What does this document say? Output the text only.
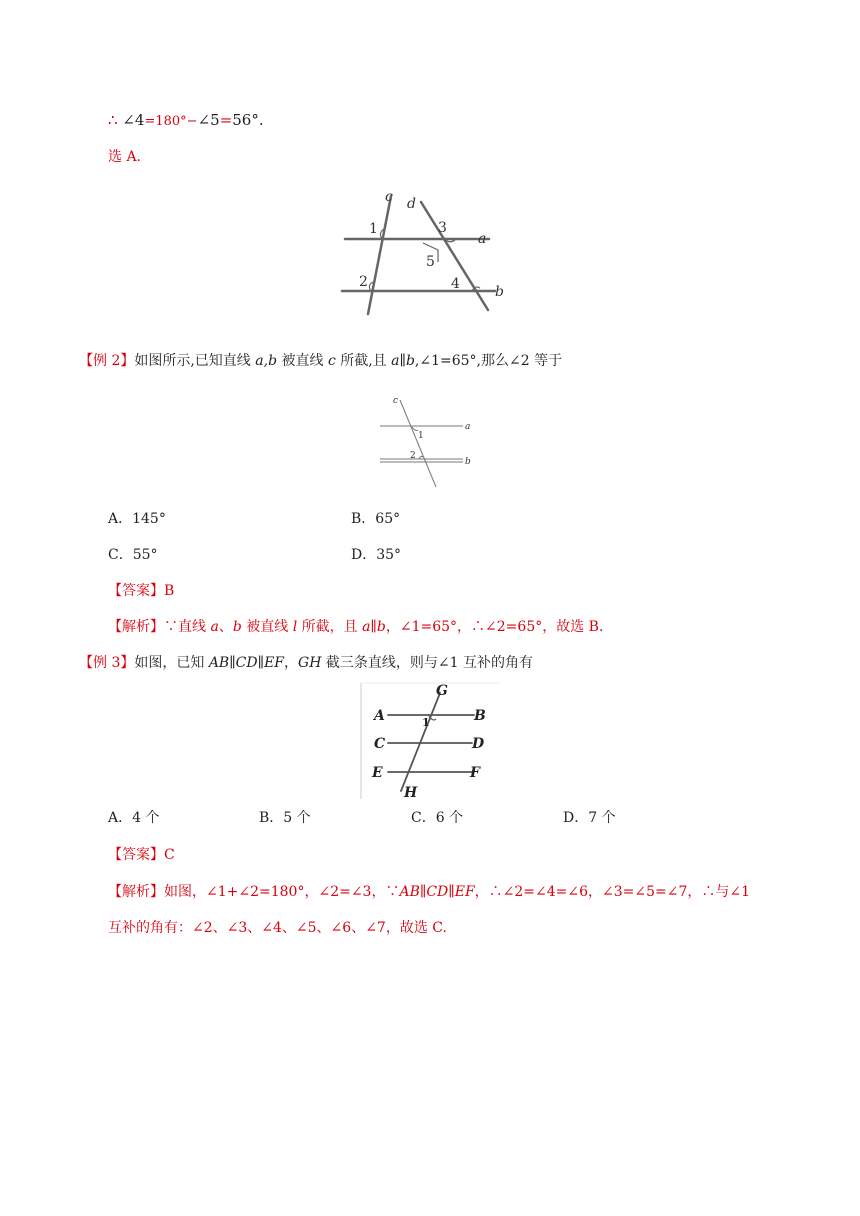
∴ ∠4=180°−∠5=56°.
选 A.
c d
a
b
1
2
3
4
5
【例 2】如图所示,已知直线 a,b 被直线 c 所截,且 a∥b,∠1=65°,那么∠2 等于
c
a
b
1
2
A．145°	B．65°
C．55°	D．35°
【答案】B
【解析】∵直线 a、b 被直线 l 所截，且 a∥b，∠1=65°，∴∠2=65°，故选 B.
【例 3】如图，已知 AB∥CD∥EF，GH 截三条直线，则与∠1 互补的角有
G
A	B
C	D
E	F
H
1
A．4 个	B．5 个	C．6 个	D．7 个
【答案】C
【解析】如图，∠1+∠2=180°，∠2=∠3，∵AB∥CD∥EF，∴∠2=∠4=∠6，∠3=∠5=∠7，∴与∠1
互补的角有：∠2、∠3、∠4、∠5、∠6、∠7，故选 C.
